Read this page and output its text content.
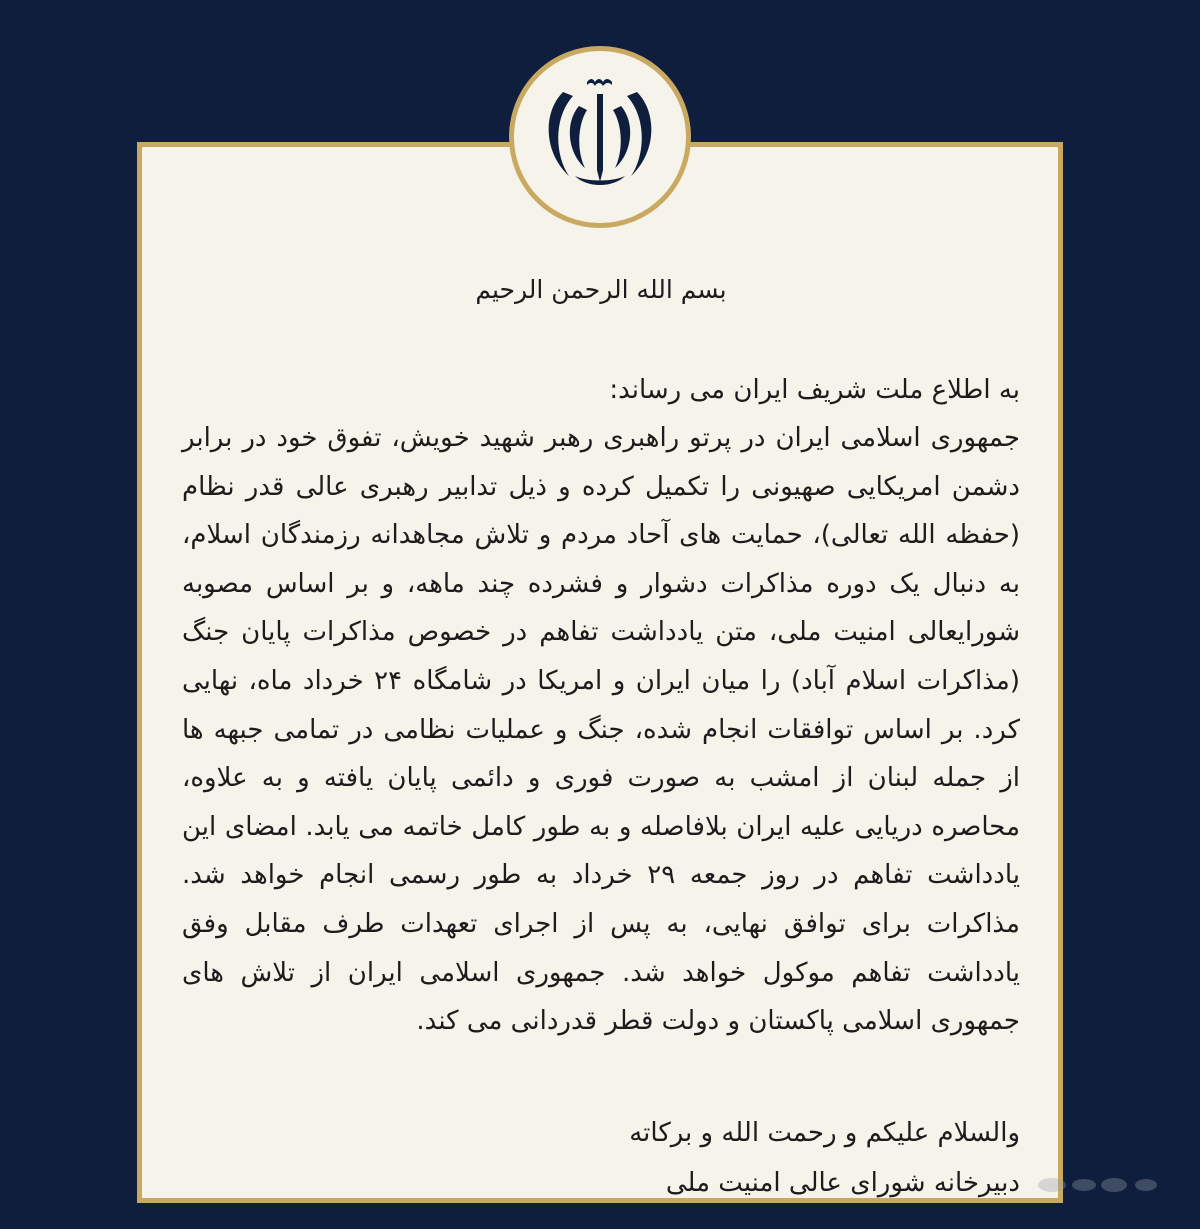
بسم الله الرحمن الرحیم

به اطلاع ملت شریف ایران می رساند:

جمهوری اسلامی ایران در پرتو راهبری رهبر شهید خویش، تفوق خود در برابر دشمن امریکایی صهیونی را تکمیل کرده و ذیل تدابیر رهبری عالی قدر نظام (حفظه الله تعالی)، حمایت های آحاد مردم و تلاش مجاهدانه رزمندگان اسلام، به دنبال یک دوره مذاکرات دشوار و فشرده چند ماهه، و بر اساس مصوبه شورایعالی امنیت ملی، متن یادداشت تفاهم در خصوص مذاکرات پایان جنگ (مذاکرات اسلام آباد) را میان ایران و امریکا در شامگاه ۲۴ خرداد ماه، نهایی کرد. بر اساس توافقات انجام شده، جنگ و عملیات نظامی در تمامی جبهه ها از جمله لبنان از امشب به صورت فوری و دائمی پایان یافته و به علاوه، محاصره دریایی علیه ایران بلافاصله و به طور کامل خاتمه می یابد. امضای این یادداشت تفاهم در روز جمعه ۲۹ خرداد به طور رسمی انجام خواهد شد. مذاکرات برای توافق نهایی، به پس از اجرای تعهدات طرف مقابل وفق یادداشت تفاهم موکول خواهد شد. جمهوری اسلامی ایران از تلاش های جمهوری اسلامی پاکستان و دولت قطر قدردانی می کند.

والسلام علیکم و رحمت الله و برکاته
دبیرخانه شورای عالی امنیت ملی
